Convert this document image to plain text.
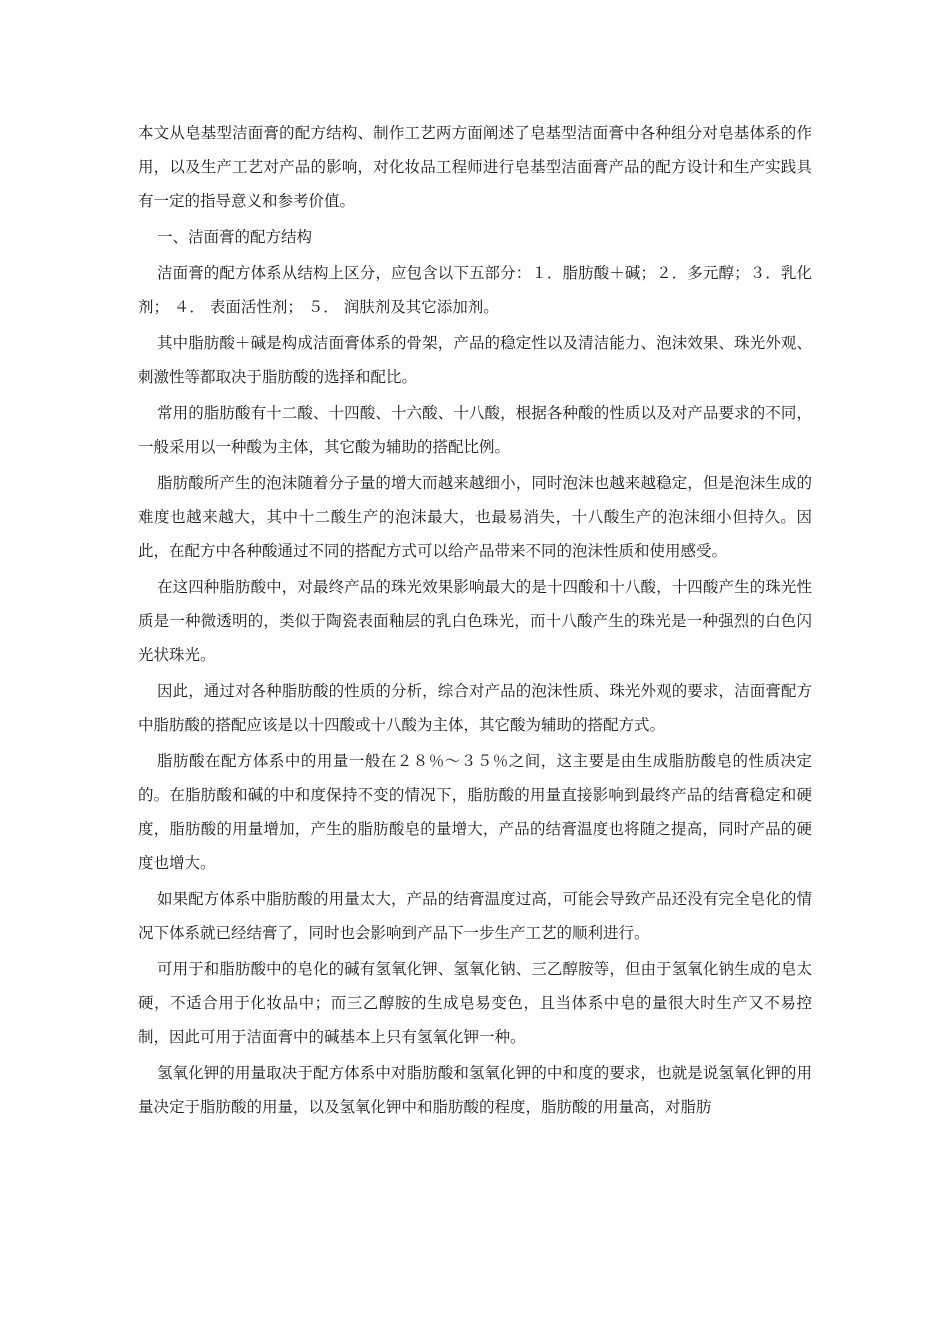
本文从皂基型洁面膏的配方结构、制作工艺两方面阐述了皂基型洁面膏中各种组分对皂基体系的作用，以及生产工艺对产品的影响，对化妆品工程师进行皂基型洁面膏产品的配方设计和生产实践具有一定的指导意义和参考价值。

一、洁面膏的配方结构

洁面膏的配方体系从结构上区分，应包含以下五部分：１．脂肪酸＋碱；２．多元醇；３．乳化剂； ４． 表面活性剂； ５． 润肤剂及其它添加剂。

其中脂肪酸＋碱是构成洁面膏体系的骨架，产品的稳定性以及清洁能力、泡沫效果、珠光外观、刺激性等都取决于脂肪酸的选择和配比。

常用的脂肪酸有十二酸、十四酸、十六酸、十八酸，根据各种酸的性质以及对产品要求的不同，一般采用以一种酸为主体，其它酸为辅助的搭配比例。

脂肪酸所产生的泡沫随着分子量的增大而越来越细小，同时泡沫也越来越稳定，但是泡沫生成的难度也越来越大，其中十二酸生产的泡沫最大，也最易消失，十八酸生产的泡沫细小但持久。因此，在配方中各种酸通过不同的搭配方式可以给产品带来不同的泡沫性质和使用感受。

在这四种脂肪酸中，对最终产品的珠光效果影响最大的是十四酸和十八酸，十四酸产生的珠光性质是一种微透明的，类似于陶瓷表面釉层的乳白色珠光，而十八酸产生的珠光是一种强烈的白色闪光状珠光。

因此，通过对各种脂肪酸的性质的分析，综合对产品的泡沫性质、珠光外观的要求，洁面膏配方中脂肪酸的搭配应该是以十四酸或十八酸为主体，其它酸为辅助的搭配方式。

脂肪酸在配方体系中的用量一般在２８％～３５％之间，这主要是由生成脂肪酸皂的性质决定的。在脂肪酸和碱的中和度保持不变的情况下，脂肪酸的用量直接影响到最终产品的结膏稳定和硬度，脂肪酸的用量增加，产生的脂肪酸皂的量增大，产品的结膏温度也将随之提高，同时产品的硬度也增大。

如果配方体系中脂肪酸的用量太大，产品的结膏温度过高，可能会导致产品还没有完全皂化的情况下体系就已经结膏了，同时也会影响到产品下一步生产工艺的顺利进行。

可用于和脂肪酸中的皂化的碱有氢氧化钾、氢氧化钠、三乙醇胺等，但由于氢氧化钠生成的皂太硬，不适合用于化妆品中；而三乙醇胺的生成皂易变色，且当体系中皂的量很大时生产又不易控制，因此可用于洁面膏中的碱基本上只有氢氧化钾一种。

氢氧化钾的用量取决于配方体系中对脂肪酸和氢氧化钾的中和度的要求，也就是说氢氧化钾的用量决定于脂肪酸的用量，以及氢氧化钾中和脂肪酸的程度，脂肪酸的用量高，对脂肪
